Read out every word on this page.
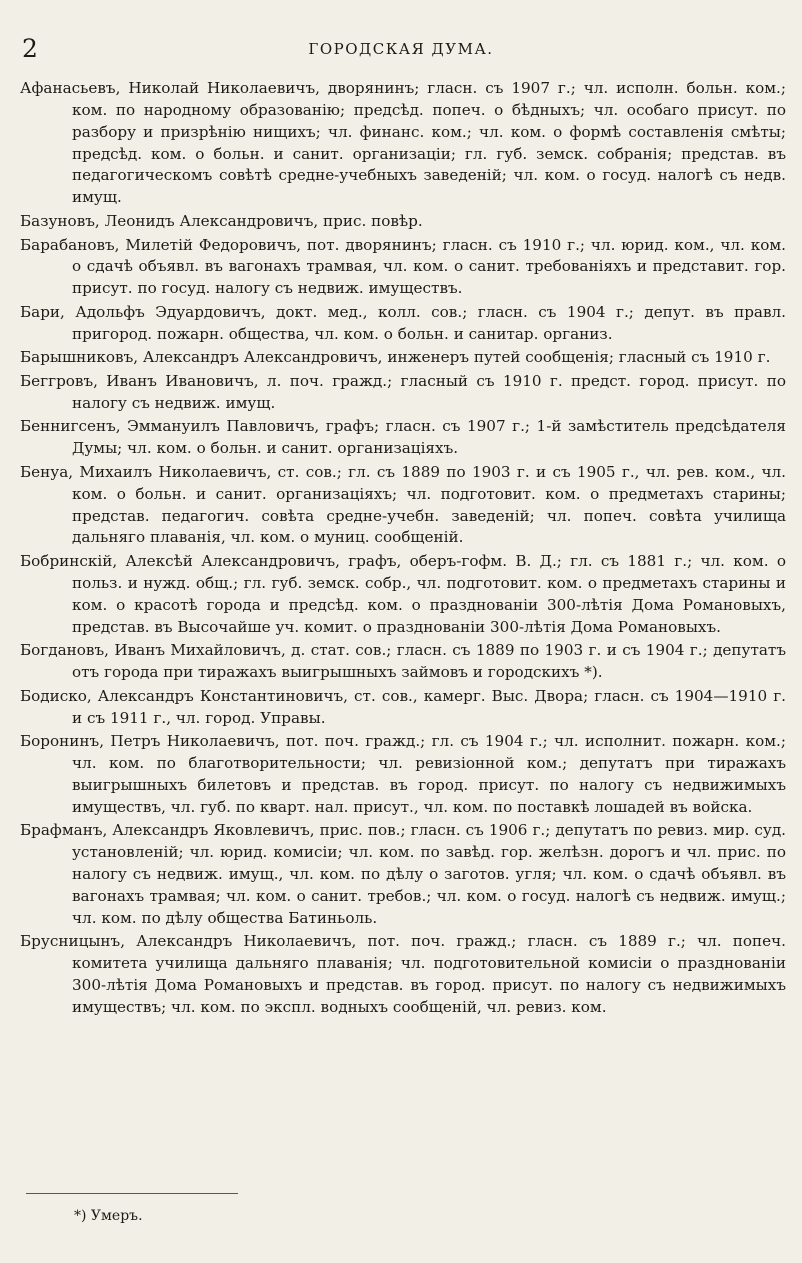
2	ГОРОДСКАЯ ДУМА.

Афанасьевъ, Николай Николаевичъ, дворянинъ; гласн. съ 1907 г.; чл. исполн. больн. ком.; ком. по народному образованію; предсѣд. попеч. о бѣдныхъ; чл. особаго присут. по разбору и призрѣнію нищихъ; чл. финанс. ком.; чл. ком. о формѣ составленія смѣты; предсѣд. ком. о больн. и санит. организаціи; гл. губ. земск. собранія; представ. въ педагогическомъ совѣтѣ средне-учебныхъ заведеній; чл. ком. о госуд. налогѣ съ недв. имущ.

Базуновъ, Леонидъ Александровичъ, прис. повѣр.

Барабановъ, Милетій Федоровичъ, пот. дворянинъ; гласн. съ 1910 г.; чл. юрид. ком., чл. ком. о сдачѣ объявл. въ вагонахъ трамвая, чл. ком. о санит. требованіяхъ и представит. гор. присут. по госуд. налогу съ недвиж. имуществъ.

Бари, Адольфъ Эдуардовичъ, докт. мед., колл. сов.; гласн. съ 1904 г.; депут. въ правл. пригород. пожарн. общества, чл. ком. о больн. и санитар. организ.

Барышниковъ, Александръ Александровичъ, инженеръ путей сообщенія; гласный съ 1910 г.

Беггровъ, Иванъ Ивановичъ, л. поч. гражд.; гласный съ 1910 г. предст. город. присут. по налогу съ недвиж. имущ.

Беннигсенъ, Эммануилъ Павловичъ, графъ; гласн. съ 1907 г.; 1-й замѣститель предсѣдателя Думы; чл. ком. о больн. и санит. организаціяхъ.

Бенуа, Михаилъ Николаевичъ, ст. сов.; гл. съ 1889 по 1903 г. и съ 1905 г., чл. рев. ком., чл. ком. о больн. и санит. организаціяхъ; чл. подготовит. ком. о предметахъ старины; представ. педагогич. совѣта средне-учебн. заведеній; чл. попеч. совѣта училища дальняго плаванія, чл. ком. о муниц. сообщеній.

Бобринскій, Алексѣй Александровичъ, графъ, оберъ-гофм. В. Д.; гл. съ 1881 г.; чл. ком. о польз. и нужд. общ.; гл. губ. земск. собр., чл. подготовит. ком. о предметахъ старины и ком. о красотѣ города и предсѣд. ком. о праздновaніи 300-лѣтія Дома Романовыхъ, представ. въ Высочайше уч. комит. о праздновaніи 300-лѣтія Дома Романовыхъ.

Богдановъ, Иванъ Михайловичъ, д. стат. сов.; гласн. съ 1889 по 1903 г. и съ 1904 г.; депутатъ отъ города при тиражахъ выигрышныхъ займовъ и городскихъ *).

Бодиско, Александръ Константиновичъ, ст. сов., камерг. Выс. Двора; гласн. съ 1904—1910 г. и съ 1911 г., чл. город. Управы.

Боронинъ, Петръ Николаевичъ, пот. поч. гражд.; гл. съ 1904 г.; чл. исполнит. пожарн. ком.; чл. ком. по благотворительности; чл. ревизіонной ком.; депутатъ при тиражахъ выигрышныхъ билетовъ и представ. въ город. присут. по налогу съ недвижимыхъ имуществъ, чл. губ. по кварт. нал. присут., чл. ком. по поставкѣ лошадей въ войска.

Брафманъ, Александръ Яковлевичъ, прис. пов.; гласн. съ 1906 г.; депутатъ по ревиз. мир. суд. установленій; чл. юрид. комисіи; чл. ком. по завѣд. гор. желѣзн. дорогъ и чл. прис. по налогу съ недвиж. имущ., чл. ком. по дѣлу о заготов. угля; чл. ком. о сдачѣ объявл. въ вагонахъ трамвая; чл. ком. о санит. требов.; чл. ком. о госуд. налогѣ съ недвиж. имущ.; чл. ком. по дѣлу общества Батиньоль.

Брусницынъ, Александръ Николаевичъ, пот. поч. гражд.; гласн. съ 1889 г.; чл. попеч. комитета училища дальняго плаванія; чл. подготовительной комисіи о праздновaніи 300-лѣтія Дома Романовыхъ и представ. въ город. присут. по налогу съ недвижимыхъ имуществъ; чл. ком. по экспл. водныхъ сообщеній, чл. ревиз. ком.

*) Умеръ.
